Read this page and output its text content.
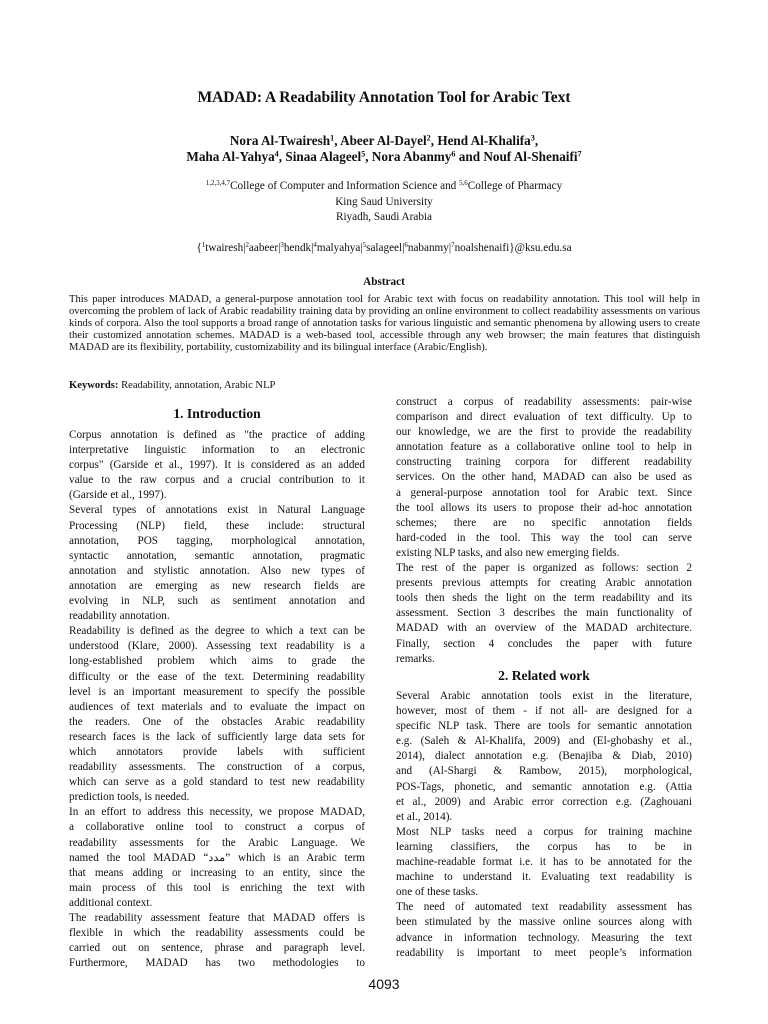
MADAD: A Readability Annotation Tool for Arabic Text
Nora Al-Twairesh$^1$, Abeer Al-Dayel$^2$, Hend Al-Khalifa$^3$,
Maha Al-Yahya$^4$, Sinaa Alageel$^5$, Nora Abanmy$^6$ and Nouf Al-Shenaifi$^7$
$^{1,2,3,4,7}$College of Computer and Information Science and $^{5,6}$College of Pharmacy
King Saud University
Riyadh, Saudi Arabia
$\{^1twairesh|^2aabeer|^3hendk|^4malyahya|^5salageel|^6nabanmy|^7noalshenaifi\}@ksu.edu.sa$
Abstract
This paper introduces MADAD, a general-purpose annotation tool for Arabic text with focus on readability annotation. This tool will help in overcoming the problem of lack of Arabic readability training data by providing an online environment to collect readability assessments on various kinds of corpora. Also the tool supports a broad range of annotation tasks for various linguistic and semantic phenomena by allowing users to create their customized annotation schemes. MADAD is a web-based tool, accessible through any web browser; the main features that distinguish MADAD are its flexibility, portability, customizability and its bilingual interface (Arabic/English).
Keywords: Readability, annotation, Arabic NLP
1. Introduction
Corpus annotation is defined as "the practice of adding
interpretative linguistic information to an electronic
corpus" (Garside et al., 1997). It is considered as an added
value to the raw corpus and a crucial contribution to it
(Garside et al., 1997).
Several types of annotations exist in Natural Language
Processing (NLP) field, these include: structural
annotation, POS tagging, morphological annotation,
syntactic annotation, semantic annotation, pragmatic
annotation and stylistic annotation. Also new types of
annotation are emerging as new research fields are
evolving in NLP, such as sentiment annotation and
readability annotation.
Readability is defined as the degree to which a text can be
understood (Klare, 2000). Assessing text readability is a
long-established problem which aims to grade the
difficulty or the ease of the text. Determining readability
level is an important measurement to specify the possible
audiences of text materials and to evaluate the impact on
the readers. One of the obstacles Arabic readability
research faces is the lack of sufficiently large data sets for
which annotators provide labels with sufficient
readability assessments. The construction of a corpus,
which can serve as a gold standard to test new readability
prediction tools, is needed.
In an effort to address this necessity, we propose MADAD,
a collaborative online tool to construct a corpus of
readability assessments for the Arabic Language. We
named the tool MADAD “مدد” which is an Arabic term
that means adding or increasing to an entity, since the
main process of this tool is enriching the text with
additional context.
The readability assessment feature that MADAD offers is
flexible in which the readability assessments could be
carried out on sentence, phrase and paragraph level.
Furthermore, MADAD has two methodologies to
construct a corpus of readability assessments: pair-wise
comparison and direct evaluation of text difficulty. Up to
our knowledge, we are the first to provide the readability
annotation feature as a collaborative online tool to help in
constructing training corpora for different readability
services. On the other hand, MADAD can also be used as
a general-purpose annotation tool for Arabic text. Since
the tool allows its users to propose their ad-hoc annotation
schemes; there are no specific annotation fields
hard-coded in the tool. This way the tool can serve
existing NLP tasks, and also new emerging fields.
The rest of the paper is organized as follows: section 2
presents previous attempts for creating Arabic annotation
tools then sheds the light on the term readability and its
assessment. Section 3 describes the main functionality of
MADAD with an overview of the MADAD architecture.
Finally, section 4 concludes the paper with future
remarks.
2. Related work
Several Arabic annotation tools exist in the literature,
however, most of them - if not all- are designed for a
specific NLP task. There are tools for semantic annotation
e.g. (Saleh & Al-Khalifa, 2009) and (El-ghobashy et al.,
2014), dialect annotation e.g. (Benajiba & Diab, 2010)
and (Al-Shargi & Rambow, 2015), morphological,
POS-Tags, phonetic, and semantic annotation e.g. (Attia
et al., 2009) and Arabic error correction e.g. (Zaghouani
et al., 2014).
Most NLP tasks need a corpus for training machine
learning classifiers, the corpus has to be in
machine-readable format i.e. it has to be annotated for the
machine to understand it. Evaluating text readability is
one of these tasks.
The need of automated text readability assessment has
been stimulated by the massive online sources along with
advance in information technology. Measuring the text
readability is important to meet people’s information
4093
